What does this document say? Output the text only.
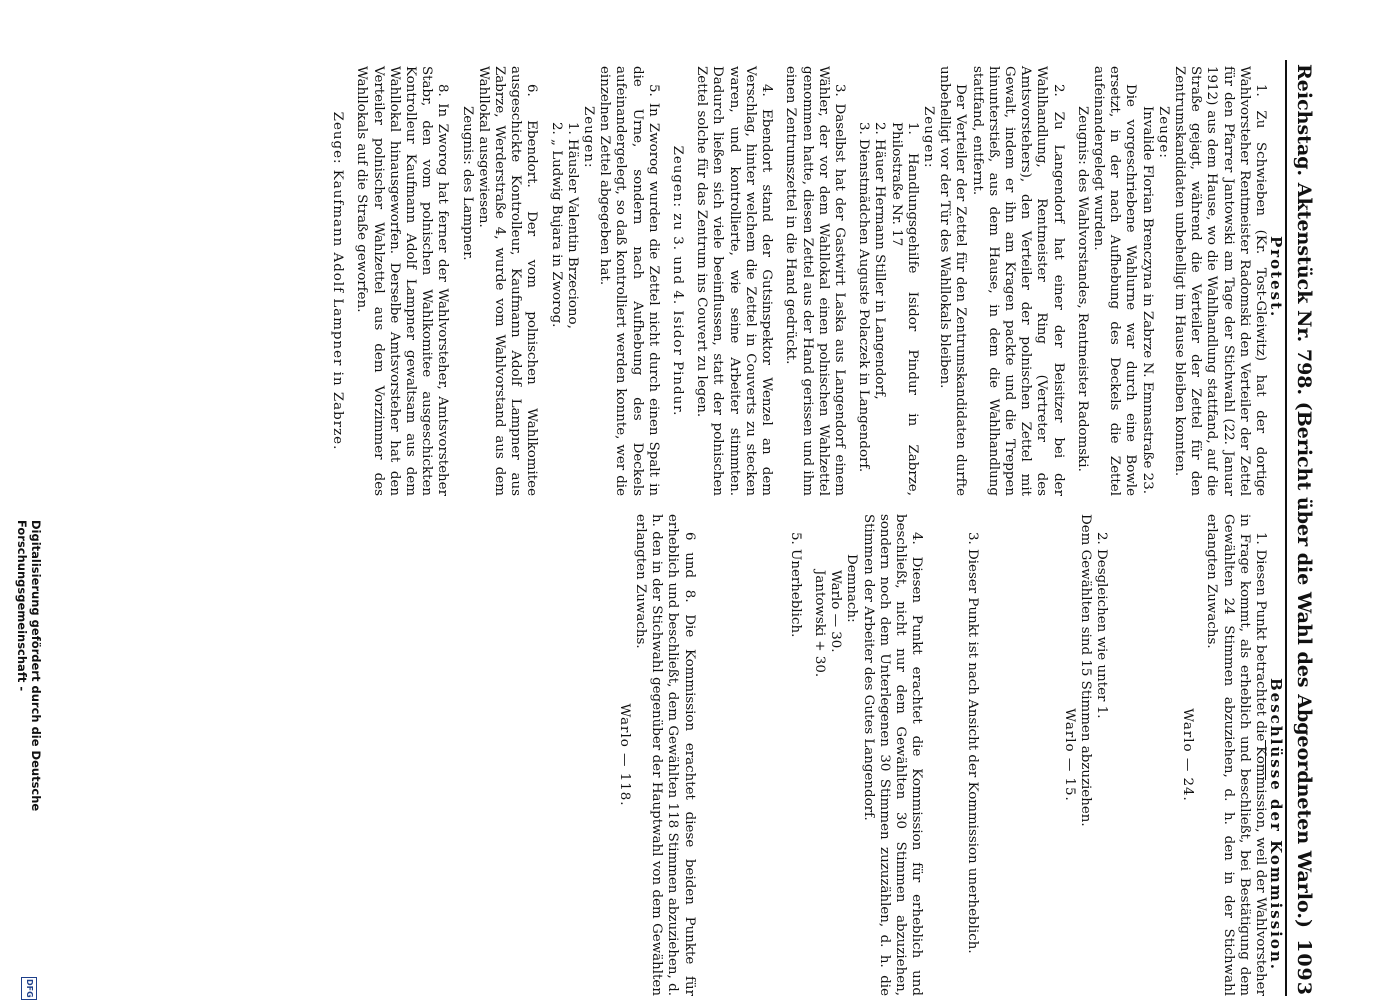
Reichstag. Aktenstück Nr. 798. (Bericht über die Wahl des Abgeordneten Warlo.)
1093
Protest.
Beschlüsse der Kommission.

1. Zu Schwieben (Kr. Tost-Gleiwitz) hat der dortige Wahlvorsteher Rentmeister Radomski den Verteiler der Zettel für den Pfarrer Jantowski am Tage der Stichwahl (22. Januar 1912) aus dem Hause, wo die Wahlhandlung stattfand, auf die Straße gejagt, während die Verteiler der Zettel für den Zentrumskandidaten unbehelligt im Hause bleiben konnten.

Zeuge:

Invalide Florian Brenczyna in Zabrze N. Emmastraße 23.

Die vorgeschriebene Wahlurne war durch eine Bowle ersetzt, in der nach Aufhebung des Deckels die Zettel aufeinandergelegt wurden.

Zeugnis: des Wahlvorstandes, Rentmeister Radomski.

2. Zu Langendorf hat einer der Beisitzer bei der Wahlhandlung, Rentmeister Ring (Vertreter des Amtsvorstehers), den Verteiler der polnischen Zettel mit Gewalt, indem er ihn am Kragen packte und die Treppen hinunterstieß, aus dem Hause, in dem die Wahlhandlung stattfand, entfernt.

Der Verteiler der Zettel für den Zentrumskandidaten durfte unbehelligt vor der Tür des Wahllokals bleiben.

Zeugen:

1. Handlungsgehilfe Isidor Pindur in Zabrze, Philostraße Nr. 17

2. Häuer Hermann Stiller in Langendorf,

3. Dienstmädchen Auguste Polaczek in Langendorf.

3. Daselbst hat der Gastwirt Laska aus Langendorf einem Wähler, der vor dem Wahllokal einen polnischen Wahlzettel genommen hatte, diesen Zettel aus der Hand gerissen und ihm einen Zentrumszettel in die Hand gedrückt.

4. Ebendort stand der Gutsinspektor Wenzel an dem Verschlag, hinter welchem die Zettel in Couverts zu stecken waren, und kontrollierte, wie seine Arbeiter stimmten. Dadurch ließen sich viele beeinflussen, statt der polnischen Zettel solche für das Zentrum ins Couvert zu legen.

Zeugen: zu 3. und 4. Isidor Pindur.

5. In Zworog wurden die Zettel nicht durch einen Spalt in die Urne, sondern nach Aufhebung des Deckels aufeinandergelegt, so daß kontrolliert werden konnte, wer die einzelnen Zettel abgegeben hat.

Zeugen:

1. Häusler Valentin Brzeciono,

2. „ Ludwig Bujara in Zworog.

6. Ebendort. Der vom polnischen Wahlkomitee ausgeschickte Kontrolleur, Kaufmann Adolf Lampner aus Zabrze, Werderstraße 4, wurde vom Wahlvorstand aus dem Wahllokal ausgewiesen.

Zeugnis: des Lampner.

8. In Zworog hat ferner der Wahlvorsteher, Amtsvorsteher Stabr, den vom polnischen Wahlkomitee ausgeschickten Kontrolleur Kaufmann Adolf Lampner gewaltsam aus dem Wahllokal hinausgeworfen. Derselbe Amtsvorsteher hat den Verteiler polnischer Wahlzettel aus dem Vorzimmer des Wahllokals auf die Straße geworfen.

Zeuge: Kaufmann Adolf Lampner in Zabrze.

1. Diesen Punkt betrachtet die Kommission, weil der Wahlvorsteher in Frage kommt, als erheblich und beschließt, bei Bestätigung dem Gewählten 24 Stimmen abzuziehen, d. h. den in der Stichwahl erlangten Zuwachs.

Warlo — 24.

2. Desgleichen wie unter 1.

Dem Gewählten sind 15 Stimmen abzuziehen.

Warlo — 15.

3. Dieser Punkt ist nach Ansicht der Kommission unerheblich.

4. Diesen Punkt erachtet die Kommission für erheblich und beschließt, nicht nur dem Gewählten 30 Stimmen abzuziehen, sondern noch dem Unterlegenen 30 Stimmen zuzuzählen, d. h. die Stimmen der Arbeiter des Gutes Langendorf.

Demnach:

Warlo — 30.

Jantowski + 30.

5. Unerheblich.

6 und 8. Die Kommission erachtet diese beiden Punkte für erheblich und beschließt, dem Gewählten 118 Stimmen abzuziehen, d. h. den in der Stichwahl gegenüber der Hauptwahl von dem Gewählten erlangten Zuwachs.

Warlo — 118.

Digitalisierung gefördert durch die Deutsche Forschungsgemeinschaft -
DFG
